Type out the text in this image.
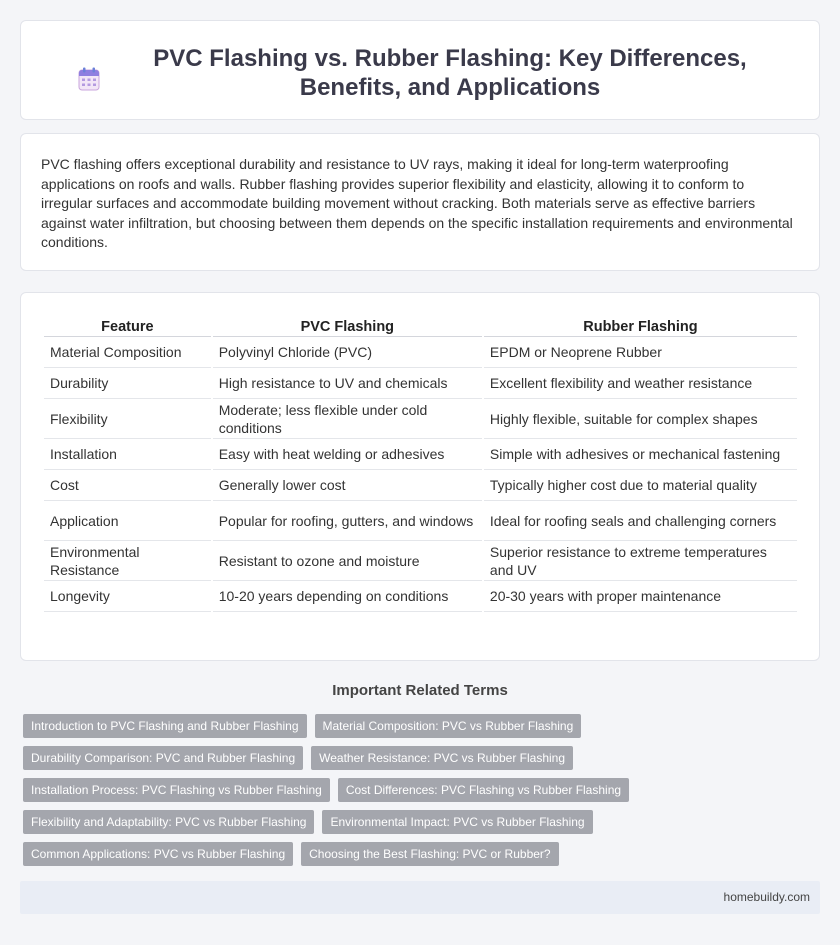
PVC Flashing vs. Rubber Flashing: Key Differences, Benefits, and Applications

PVC flashing offers exceptional durability and resistance to UV rays, making it ideal for long-term waterproofing applications on roofs and walls. Rubber flashing provides superior flexibility and elasticity, allowing it to conform to irregular surfaces and accommodate building movement without cracking. Both materials serve as effective barriers against water infiltration, but choosing between them depends on the specific installation requirements and environmental conditions.

Feature	PVC Flashing	Rubber Flashing
Material Composition	Polyvinyl Chloride (PVC)	EPDM or Neoprene Rubber
Durability	High resistance to UV and chemicals	Excellent flexibility and weather resistance
Flexibility	Moderate; less flexible under cold conditions	Highly flexible, suitable for complex shapes
Installation	Easy with heat welding or adhesives	Simple with adhesives or mechanical fastening
Cost	Generally lower cost	Typically higher cost due to material quality
Application	Popular for roofing, gutters, and windows	Ideal for roofing seals and challenging corners
Environmental Resistance	Resistant to ozone and moisture	Superior resistance to extreme temperatures and UV
Longevity	10-20 years depending on conditions	20-30 years with proper maintenance
Important Related Terms
Introduction to PVC Flashing and Rubber Flashing	Material Composition: PVC vs Rubber Flashing
Durability Comparison: PVC and Rubber Flashing	Weather Resistance: PVC vs Rubber Flashing
Installation Process: PVC Flashing vs Rubber Flashing	Cost Differences: PVC Flashing vs Rubber Flashing
Flexibility and Adaptability: PVC vs Rubber Flashing	Environmental Impact: PVC vs Rubber Flashing
Common Applications: PVC vs Rubber Flashing	Choosing the Best Flashing: PVC or Rubber?
homebuildy.com
